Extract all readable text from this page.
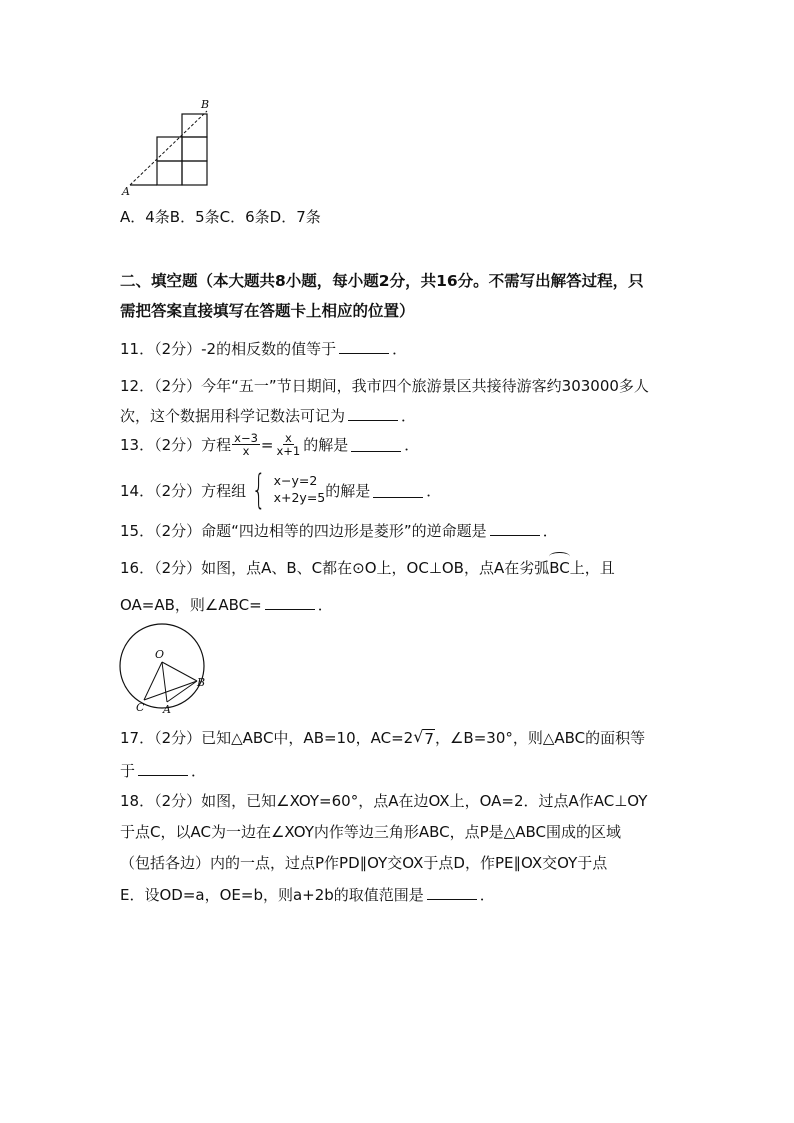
A
B
A．4条B．5条C．6条D．7条
二、填空题（本大题共8小题，每小题2分，共16分。不需写出解答过程，只
需把答案直接填写在答题卡上相应的位置）
11．（2分）-2的相反数的值等于	．
12．（2分）今年“五一”节日期间，我市四个旅游景区共接待游客约303000多人
次，这个数据用科学记数法可记为	．
13．（2分）方程 $\frac{x-3}{x} = \frac{x}{x+1}$ 的解是	．
14．（2分）方程组 { x−y=2
x+2y=5 的解是	．
15．（2分）命题“四边相等的四边形是菱形”的逆命题是	．
16．（2分）如图，点A、B、C都在⊙O上，OC⊥OB，点A在劣弧
BC上，且
OA=AB，则∠ABC=	．
O
B
C A
17．（2分）已知△ABC中，AB=10，AC=2 √ 7 ，∠B=30°，则△ABC的面积等
于	．
18．（2分）如图，已知∠XOY=60°，点A在边OX上，OA=2．过点A作AC⊥OY
于点C，以AC为一边在∠XOY内作等边三角形ABC，点P是△ABC围成的区域
（包括各边）内的一点，过点P作PD∥OY交OX于点D，作PE∥OX交OY于点
E．设OD=a，OE=b，则a+2b的取值范围是	．
